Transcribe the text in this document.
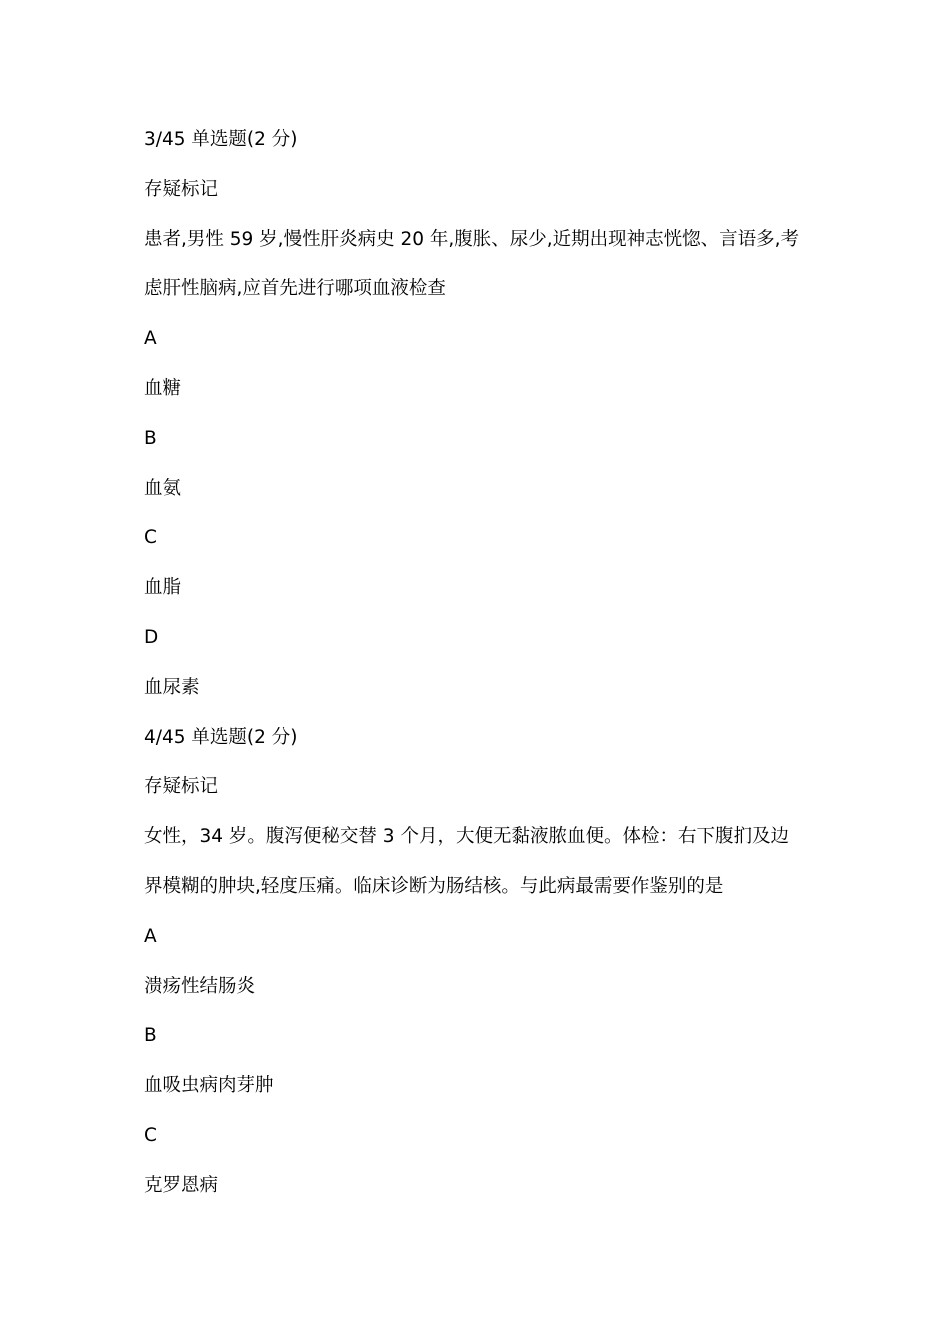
3/45 单选题(2 分)
存疑标记
患者,男性 59 岁,慢性肝炎病史 20 年,腹胀、尿少,近期出现神志恍惚、言语多,考
虑肝性脑病,应首先进行哪项血液检查
A
血糖
B
血氨
C
血脂
D
血尿素
4/45 单选题(2 分)
存疑标记
女性，34 岁。腹泻便秘交替 3 个月，大便无黏液脓血便。体检：右下腹扪及边
界模糊的肿块,轻度压痛。临床诊断为肠结核。与此病最需要作鉴别的是
A
溃疡性结肠炎
B
血吸虫病肉芽肿
C
克罗恩病
